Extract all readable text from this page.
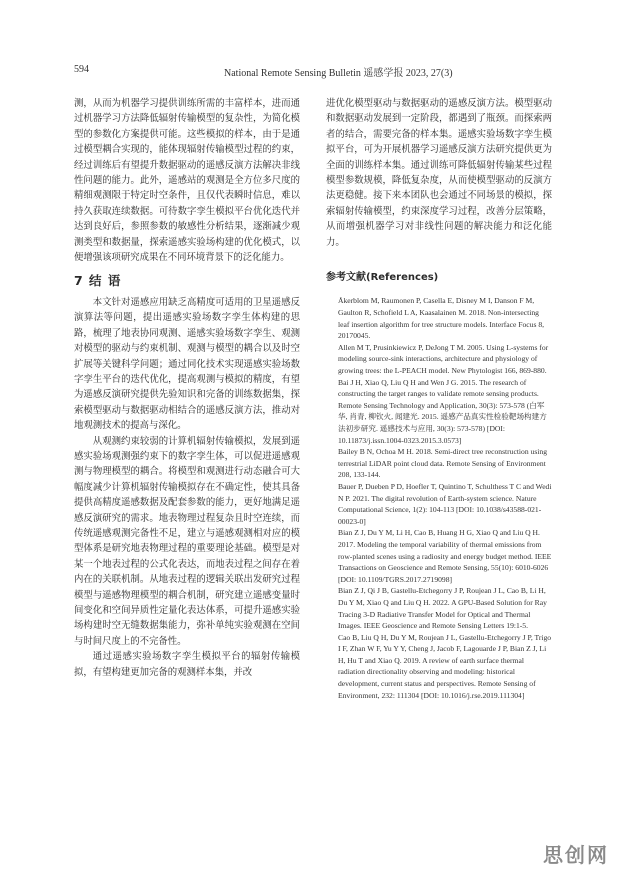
594	National Remote Sensing Bulletin 遥感学报 2023, 27(3)

测，从而为机器学习提供训练所需的丰富样本，进而通过机器学习方法降低辐射传输模型的复杂性，为简化模型的参数化方案提供可能。这些模拟的样本，由于是通过模型耦合实现的，能体现辐射传输模型过程的约束，经过训练后有望提升数据驱动的遥感反演方法解决非线性问题的能力。此外，遥感站的观测是全方位多尺度的精细观测限于特定时空条件，且仅代表瞬时信息，难以持久获取连续数据。可待数字孪生模拟平台优化迭代并达到良好后，参照参数的敏感性分析结果，逐渐减少观测类型和数据量，探索遥感实验场构建的优化模式，以便增强该项研究成果在不同环境背景下的泛化能力。

7 结 语

本文针对遥感应用缺乏高精度可适用的卫星遥感反演算法等问题，提出遥感实验场数字孪生体构建的思路，梳理了地表协同观测、遥感实验场数字孪生、观测对模型的驱动与约束机制、观测与模型的耦合以及时空扩展等关键科学问题；通过同化技术实现遥感实验场数字孪生平台的迭代优化，提高观测与模拟的精度，有望为遥感反演研究提供先验知识和完备的训练数据集，探索模型驱动与数据驱动相结合的遥感反演方法，推动对地观测技术的提高与深化。

从观测约束较弱的计算机辐射传输模拟，发展到遥感实验场观测强约束下的数字孪生体，可以促进遥感观测与物理模型的耦合。将模型和观测进行动态融合可大幅度减少计算机辐射传输模拟存在不确定性，使其具备提供高精度遥感数据及配套参数的能力，更好地满足遥感反演研究的需求。地表物理过程复杂且时空连续，而传统遥感观测完备性不足，建立与遥感观测相对应的模型体系是研究地表物理过程的重要理论基础。模型是对某一个地表过程的公式化表达，而地表过程之间存在着内在的关联机制。从地表过程的逻辑关联出发研究过程模型与遥感物理模型的耦合机制，研究建立遥感变量时间变化和空间异质性定量化表达体系，可提升遥感实验场构建时空无缝数据集能力，弥补单纯实验观测在空间与时间尺度上的不完备性。

通过遥感实验场数字孪生模拟平台的辐射传输模拟，有望构建更加完备的观测样本集，并改

进优化模型驱动与数据驱动的遥感反演方法。模型驱动和数据驱动发展到一定阶段，都遇到了瓶颈。而探索两者的结合，需要完备的样本集。遥感实验场数字孪生模拟平台，可为开展机器学习遥感反演方法研究提供更为全面的训练样本集。通过训练可降低辐射传输某些过程模型参数规模，降低复杂度，从而使模型驱动的反演方法更稳健。接下来本团队也会通过不同场景的模拟，探索辐射传输模型，约束深度学习过程，改善分层策略，从而增强机器学习对非线性问题的解决能力和泛化能力。

参考文献(References)

Åkerblom M, Raumonen P, Casella E, Disney M I, Danson F M, Gaulton R, Schofield L A, Kaasalainen M. 2018. Non-intersecting leaf insertion algorithm for tree structure models. Interface Focus 8, 20170045.

Allen M T, Prusinkiewicz P, DeJong T M. 2005. Using L-systems for modeling source-sink interactions, architecture and physiology of growing trees: the L-PEACH model. New Phytologist 166, 869-880.

Bai J H, Xiao Q, Liu Q H and Wen J G. 2015. The research of constructing the target ranges to validate remote sensing products. Remote Sensing Technology and Application, 30(3): 573-578 (白军华, 肖青, 柳钦火, 闻建光. 2015. 遥感产品真实性检验靶场构建方法初步研究. 遥感技术与应用, 30(3): 573-578) [DOI: 10.11873/j.issn.1004-0323.2015.3.0573]

Bailey B N, Ochoa M H. 2018. Semi-direct tree reconstruction using terrestrial LiDAR point cloud data. Remote Sensing of Environment 208, 133-144.

Bauer P, Dueben P D, Hoefler T, Quintino T, Schulthess T C and Wedi N P. 2021. The digital revolution of Earth-system science. Nature Computational Science, 1(2): 104-113 [DOI: 10.1038/s43588-021-00023-0]

Bian Z J, Du Y M, Li H, Cao B, Huang H G, Xiao Q and Liu Q H. 2017. Modeling the temporal variability of thermal emissions from row-planted scenes using a radiosity and energy budget method. IEEE Transactions on Geoscience and Remote Sensing, 55(10): 6010-6026 [DOI: 10.1109/TGRS.2017.2719098]

Bian Z J, Qi J B, Gastellu-Etchegorry J P, Roujean J L, Cao B, Li H, Du Y M, Xiao Q and Liu Q H. 2022. A GPU-Based Solution for Ray Tracing 3-D Radiative Transfer Model for Optical and Thermal Images. IEEE Geoscience and Remote Sensing Letters 19:1-5.

Cao B, Liu Q H, Du Y M, Roujean J L, Gastellu-Etchegorry J P, Trigo I F, Zhan W F, Yu Y Y, Cheng J, Jacob F, Lagouarde J P, Bian Z J, Li H, Hu T and Xiao Q. 2019. A review of earth surface thermal radiation directionality observing and modeling: historical development, current status and perspectives. Remote Sensing of Environment, 232: 111304 [DOI: 10.1016/j.rse.2019.111304]

思创网
